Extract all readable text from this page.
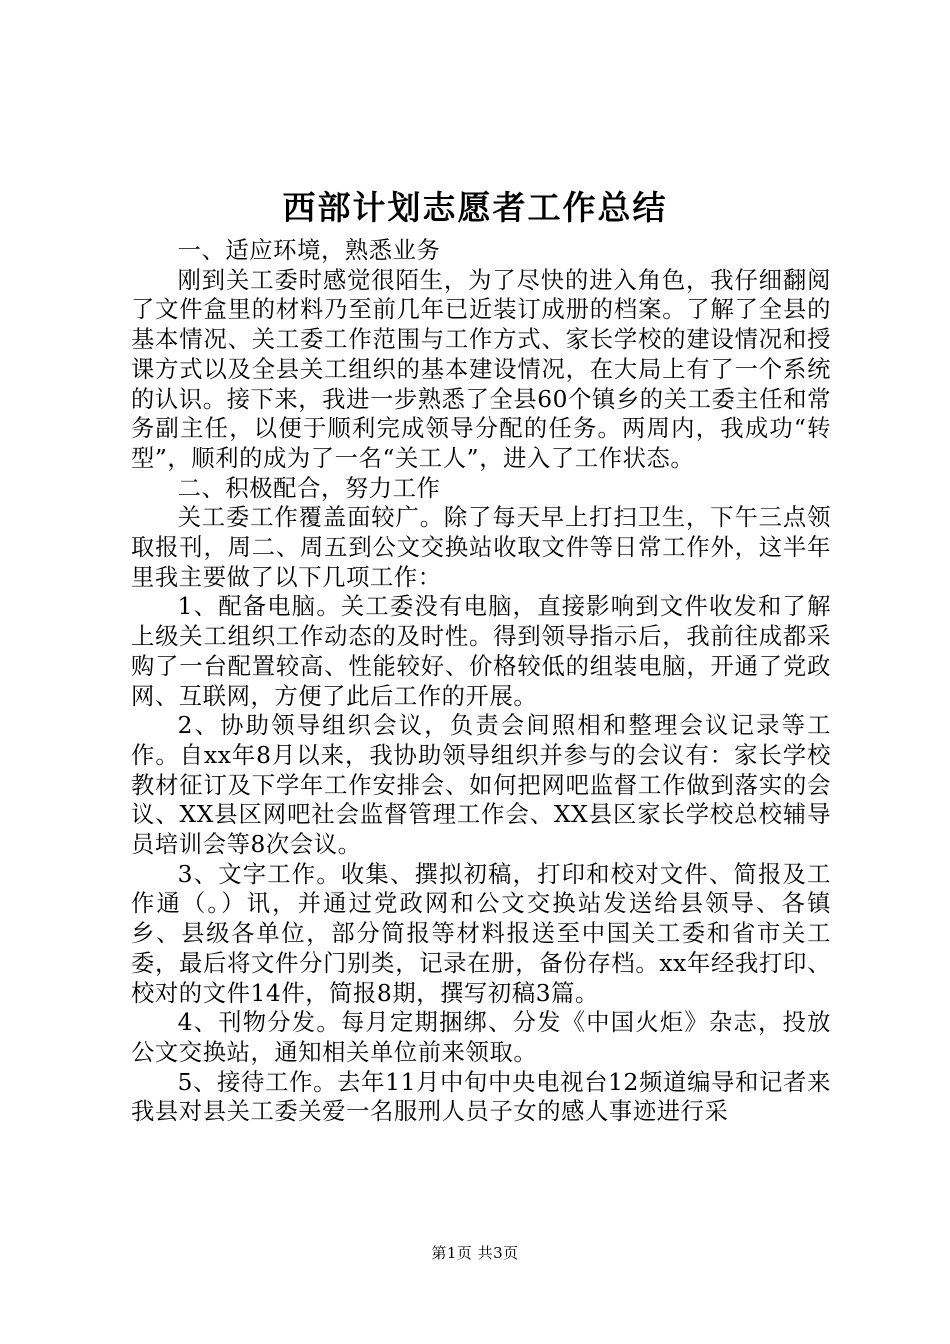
西部计划志愿者工作总结

一、适应环境，熟悉业务

刚到关工委时感觉很陌生，为了尽快的进入角色，我仔细翻阅了文件盒里的材料乃至前几年已近装订成册的档案。了解了全县的基本情况、关工委工作范围与工作方式、家长学校的建设情况和授课方式以及全县关工组织的基本建设情况，在大局上有了一个系统的认识。接下来，我进一步熟悉了全县60个镇乡的关工委主任和常务副主任，以便于顺利完成领导分配的任务。两周内，我成功“转型”，顺利的成为了一名“关工人”，进入了工作状态。

二、积极配合，努力工作

关工委工作覆盖面较广。除了每天早上打扫卫生，下午三点领取报刊，周二、周五到公文交换站收取文件等日常工作外，这半年里我主要做了以下几项工作：

1、配备电脑。关工委没有电脑，直接影响到文件收发和了解上级关工组织工作动态的及时性。得到领导指示后，我前往成都采购了一台配置较高、性能较好、价格较低的组装电脑，开通了党政网、互联网，方便了此后工作的开展。

2、协助领导组织会议，负责会间照相和整理会议记录等工作。自xx年8月以来，我协助领导组织并参与的会议有：家长学校教材征订及下学年工作安排会、如何把网吧监督工作做到落实的会议、XX县区网吧社会监督管理工作会、XX县区家长学校总校辅导员培训会等8次会议。

3、文字工作。收集、撰拟初稿，打印和校对文件、简报及工作通（。）讯，并通过党政网和公文交换站发送给县领导、各镇乡、县级各单位，部分简报等材料报送至中国关工委和省市关工委，最后将文件分门别类，记录在册，备份存档。xx年经我打印、校对的文件14件，简报8期，撰写初稿3篇。

4、刊物分发。每月定期捆绑、分发《中国火炬》杂志，投放公文交换站，通知相关单位前来领取。

5、接待工作。去年11月中旬中央电视台12频道编导和记者来我县对县关工委关爱一名服刑人员子女的感人事迹进行采

第1页 共3页
